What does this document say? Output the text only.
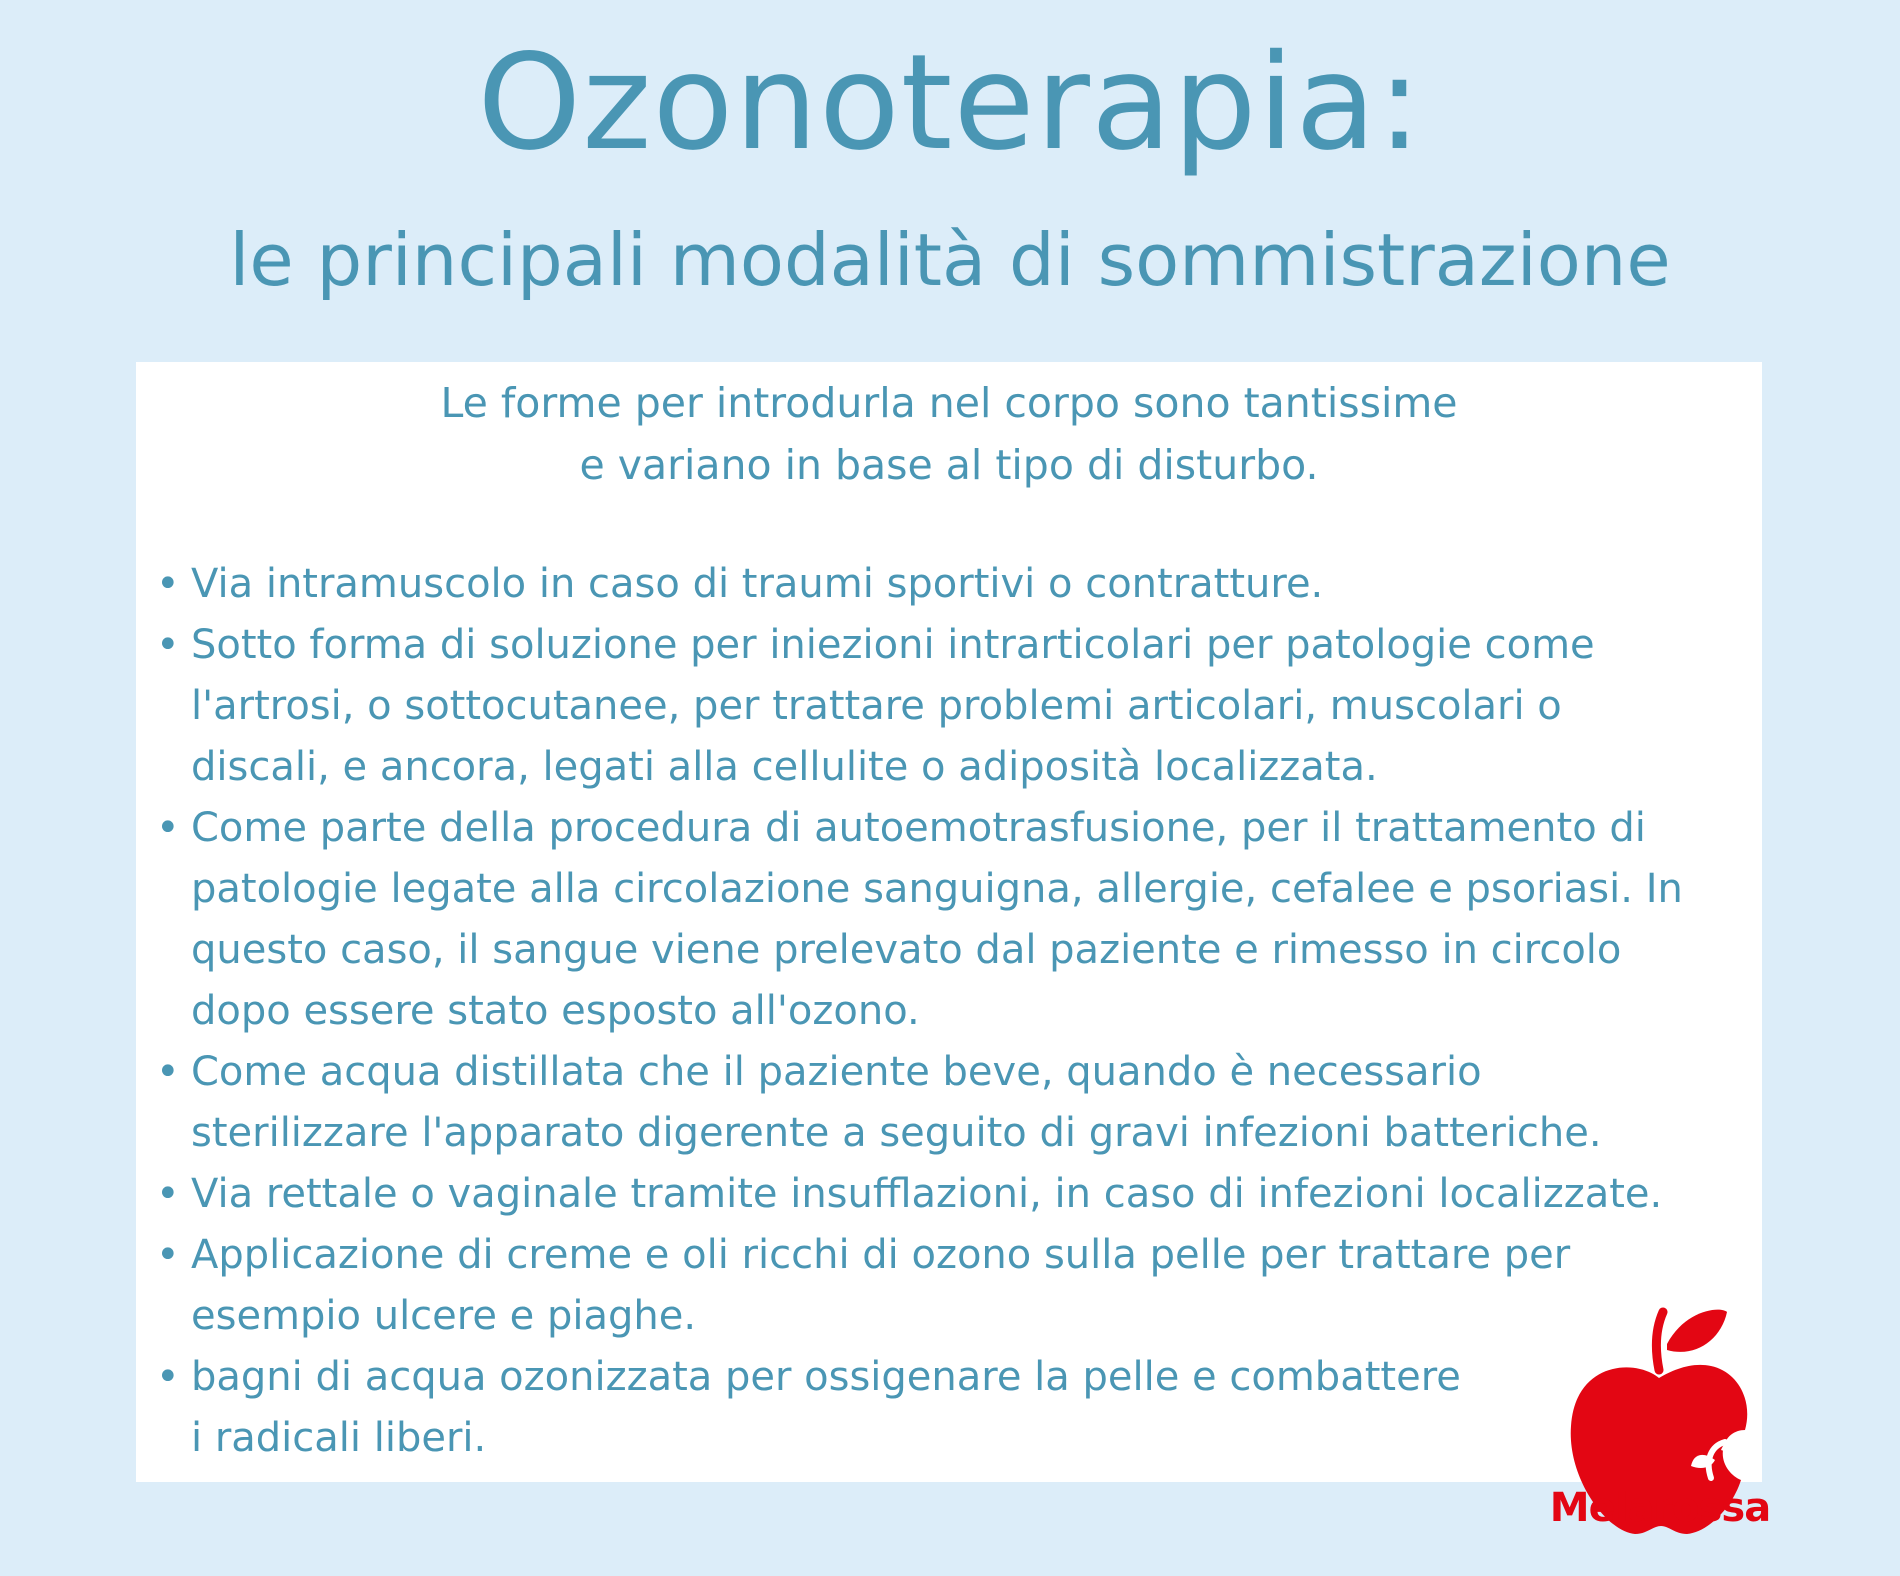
Ozonoterapia:
le principali modalità di sommistrazione
Le forme per introdurla nel corpo sono tantissime
e variano in base al tipo di disturbo.
• Via intramuscolo in caso di traumi sportivi o contratture.
• Sotto forma di soluzione per iniezioni intrarticolari per patologie come
l'artrosi, o sottocutanee, per trattare problemi articolari, muscolari o
discali, e ancora, legati alla cellulite o adiposità localizzata.
• Come parte della procedura di autoemotrasfusione, per il trattamento di
patologie legate alla circolazione sanguigna, allergie, cefalee e psoriasi. In
questo caso, il sangue viene prelevato dal paziente e rimesso in circolo
dopo essere stato esposto all'ozono.
• Come acqua distillata che il paziente beve, quando è necessario
sterilizzare l'apparato digerente a seguito di gravi infezioni batteriche.
• Via rettale o vaginale tramite insufflazioni, in caso di infezioni localizzate.
• Applicazione di creme e oli ricchi di ozono sulla pelle per trattare per
esempio ulcere e piaghe.
• bagni di acqua ozonizzata per ossigenare la pelle e combattere
i radicali liberi.
Melarossa
